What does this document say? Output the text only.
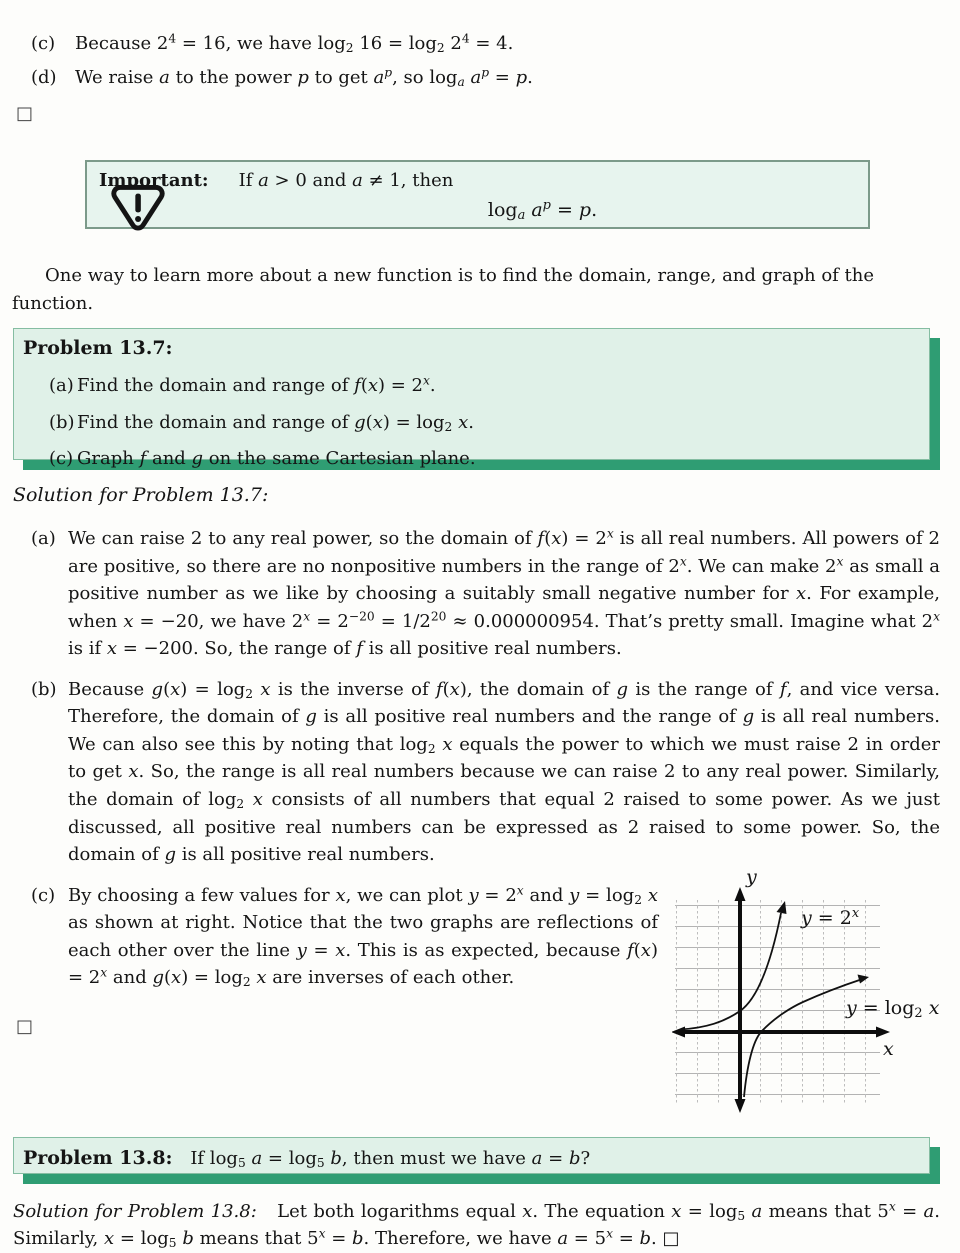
(c) Because $2^4 = 16$, we have $\log_2 16 = \log_2 2^4 = 4$.
(d) We raise a to the power p to get $a^p$, so $\log_a a^p = p$.
□
Important: If a > 0 and a ≠ 1, then
$\log_a a^p = p$.

One way to learn more about a new function is to find the domain, range, and graph of the function.

Problem 13.7:
(a) Find the domain and range of $f(x) = 2^x$.
(b) Find the domain and range of $g(x) = \log_2 x$.
(c) Graph f and g on the same Cartesian plane.
Solution for Problem 13.7:
(a) We can raise 2 to any real power, so the domain of $f(x) = 2^x$ is all real numbers. All powers of 2 are positive, so there are no nonpositive numbers in the range of 2$^x$. We can make 2$^x$ as small a positive number as we like by choosing a suitably small negative number for x. For example, when x = −20, we have $2^x = 2^{-20} = 1/2^{20} \approx 0.000000954$. That’s pretty small. Imagine what 2$^x$ is if x = −200. So, the range of f is all positive real numbers.
(b) Because $g(x) = \log_2 x$ is the inverse of f(x), the domain of g is the range of f, and vice versa. Therefore, the domain of g is all positive real numbers and the range of g is all real numbers. We can also see this by noting that $\log_2 x$ equals the power to which we must raise 2 in order to get x. So, the range is all real numbers because we can raise 2 to any real power. Similarly, the domain of $\log_2 x$ consists of all numbers that equal 2 raised to some power. As we just discussed, all positive real numbers can be expressed as 2 raised to some power. So, the domain of g is all positive real numbers.
y
x
$y = 2^x$
$y = \log_2 x$
(c) By choosing a few values for x, we can plot $y = 2^x$ and $y = \log_2 x$ as shown at right. Notice that the two graphs are reflections of each other over the line y = x. This is as expected, because $f(x) = 2^x$ and $g(x) = \log_2 x$ are inverses of each other.
□
Problem 13.8: If $\log_5 a = \log_5 b$, then must we have a = b?

Solution for Problem 13.8: Let both logarithms equal x. The equation $x = \log_5 a$ means that $5^x = a$. Similarly, $x = \log_5 b$ means that $5^x = b$. Therefore, we have $a = 5^x = b$. □
